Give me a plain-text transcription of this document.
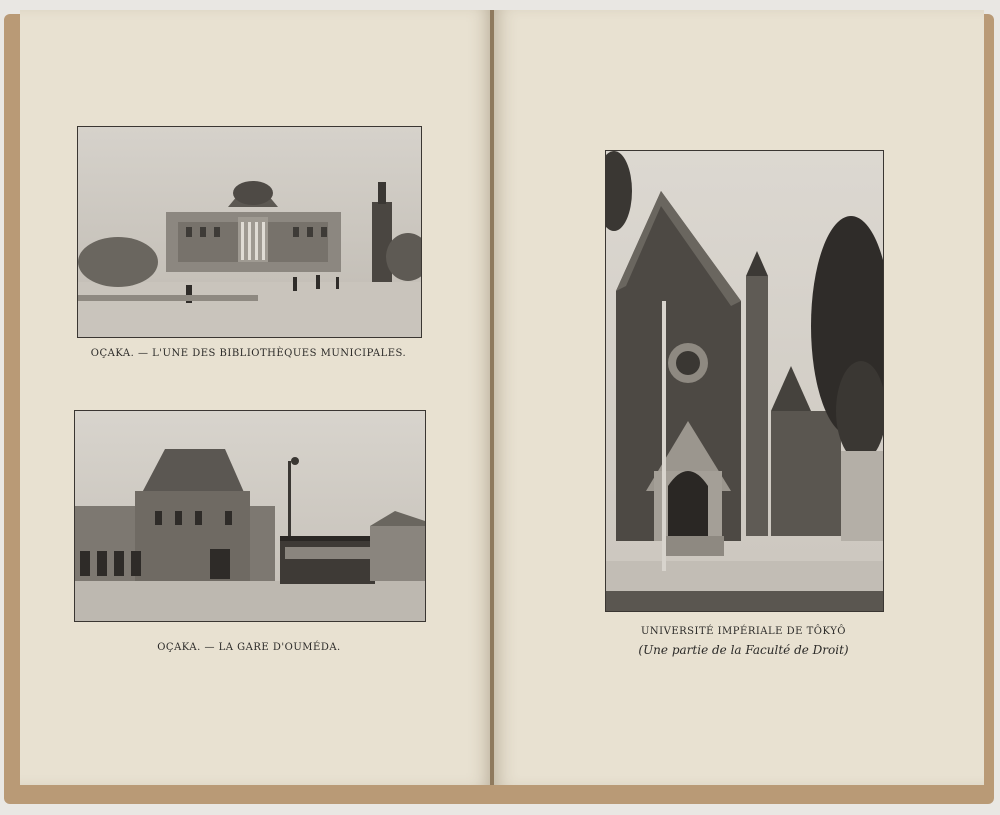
OÇAKA. — L'UNE DES BIBLIOTHÈQUES MUNICIPALES.
OÇAKA. — LA GARE D'OUMÉDA.
UNIVERSITÉ IMPÉRIALE DE TÔKYÔ
(Une partie de la Faculté de Droit)
